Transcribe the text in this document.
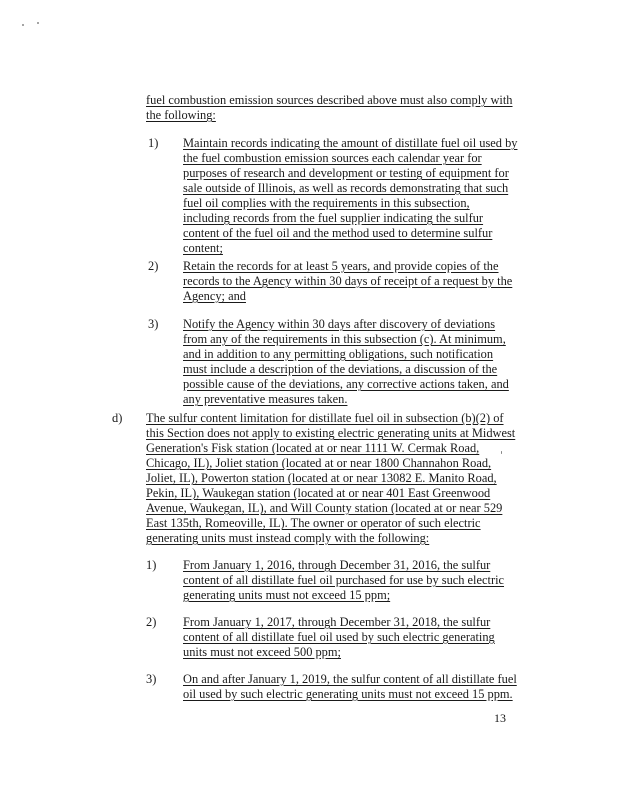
fuel combustion emission sources described above must also comply with
the following:
1) Maintain records indicating the amount of distillate fuel oil used by
the fuel combustion emission sources each calendar year for
purposes of research and development or testing of equipment for
sale outside of Illinois, as well as records demonstrating that such
fuel oil complies with the requirements in this subsection,
including records from the fuel supplier indicating the sulfur
content of the fuel oil and the method used to determine sulfur
content;
2) Retain the records for at least 5 years, and provide copies of the
records to the Agency within 30 days of receipt of a request by the
Agency; and
3) Notify the Agency within 30 days after discovery of deviations
from any of the requirements in this subsection (c). At minimum,
and in addition to any permitting obligations, such notification
must include a description of the deviations, a discussion of the
possible cause of the deviations, any corrective actions taken, and
any preventative measures taken.
d) The sulfur content limitation for distillate fuel oil in subsection (b)(2) of
this Section does not apply to existing electric generating units at Midwest
Generation's Fisk station (located at or near 1111 W. Cermak Road,
Chicago, IL), Joliet station (located at or near 1800 Channahon Road,
Joliet, IL), Powerton station (located at or near 13082 E. Manito Road,
Pekin, IL), Waukegan station (located at or near 401 East Greenwood
Avenue, Waukegan, IL), and Will County station (located at or near 529
East 135th, Romeoville, IL). The owner or operator of such electric
generating units must instead comply with the following:
1) From January 1, 2016, through December 31, 2016, the sulfur
content of all distillate fuel oil purchased for use by such electric
generating units must not exceed 15 ppm;
2) From January 1, 2017, through December 31, 2018, the sulfur
content of all distillate fuel oil used by such electric generating
units must not exceed 500 ppm;
3) On and after January 1, 2019, the sulfur content of all distillate fuel
oil used by such electric generating units must not exceed 15 ppm.
13
